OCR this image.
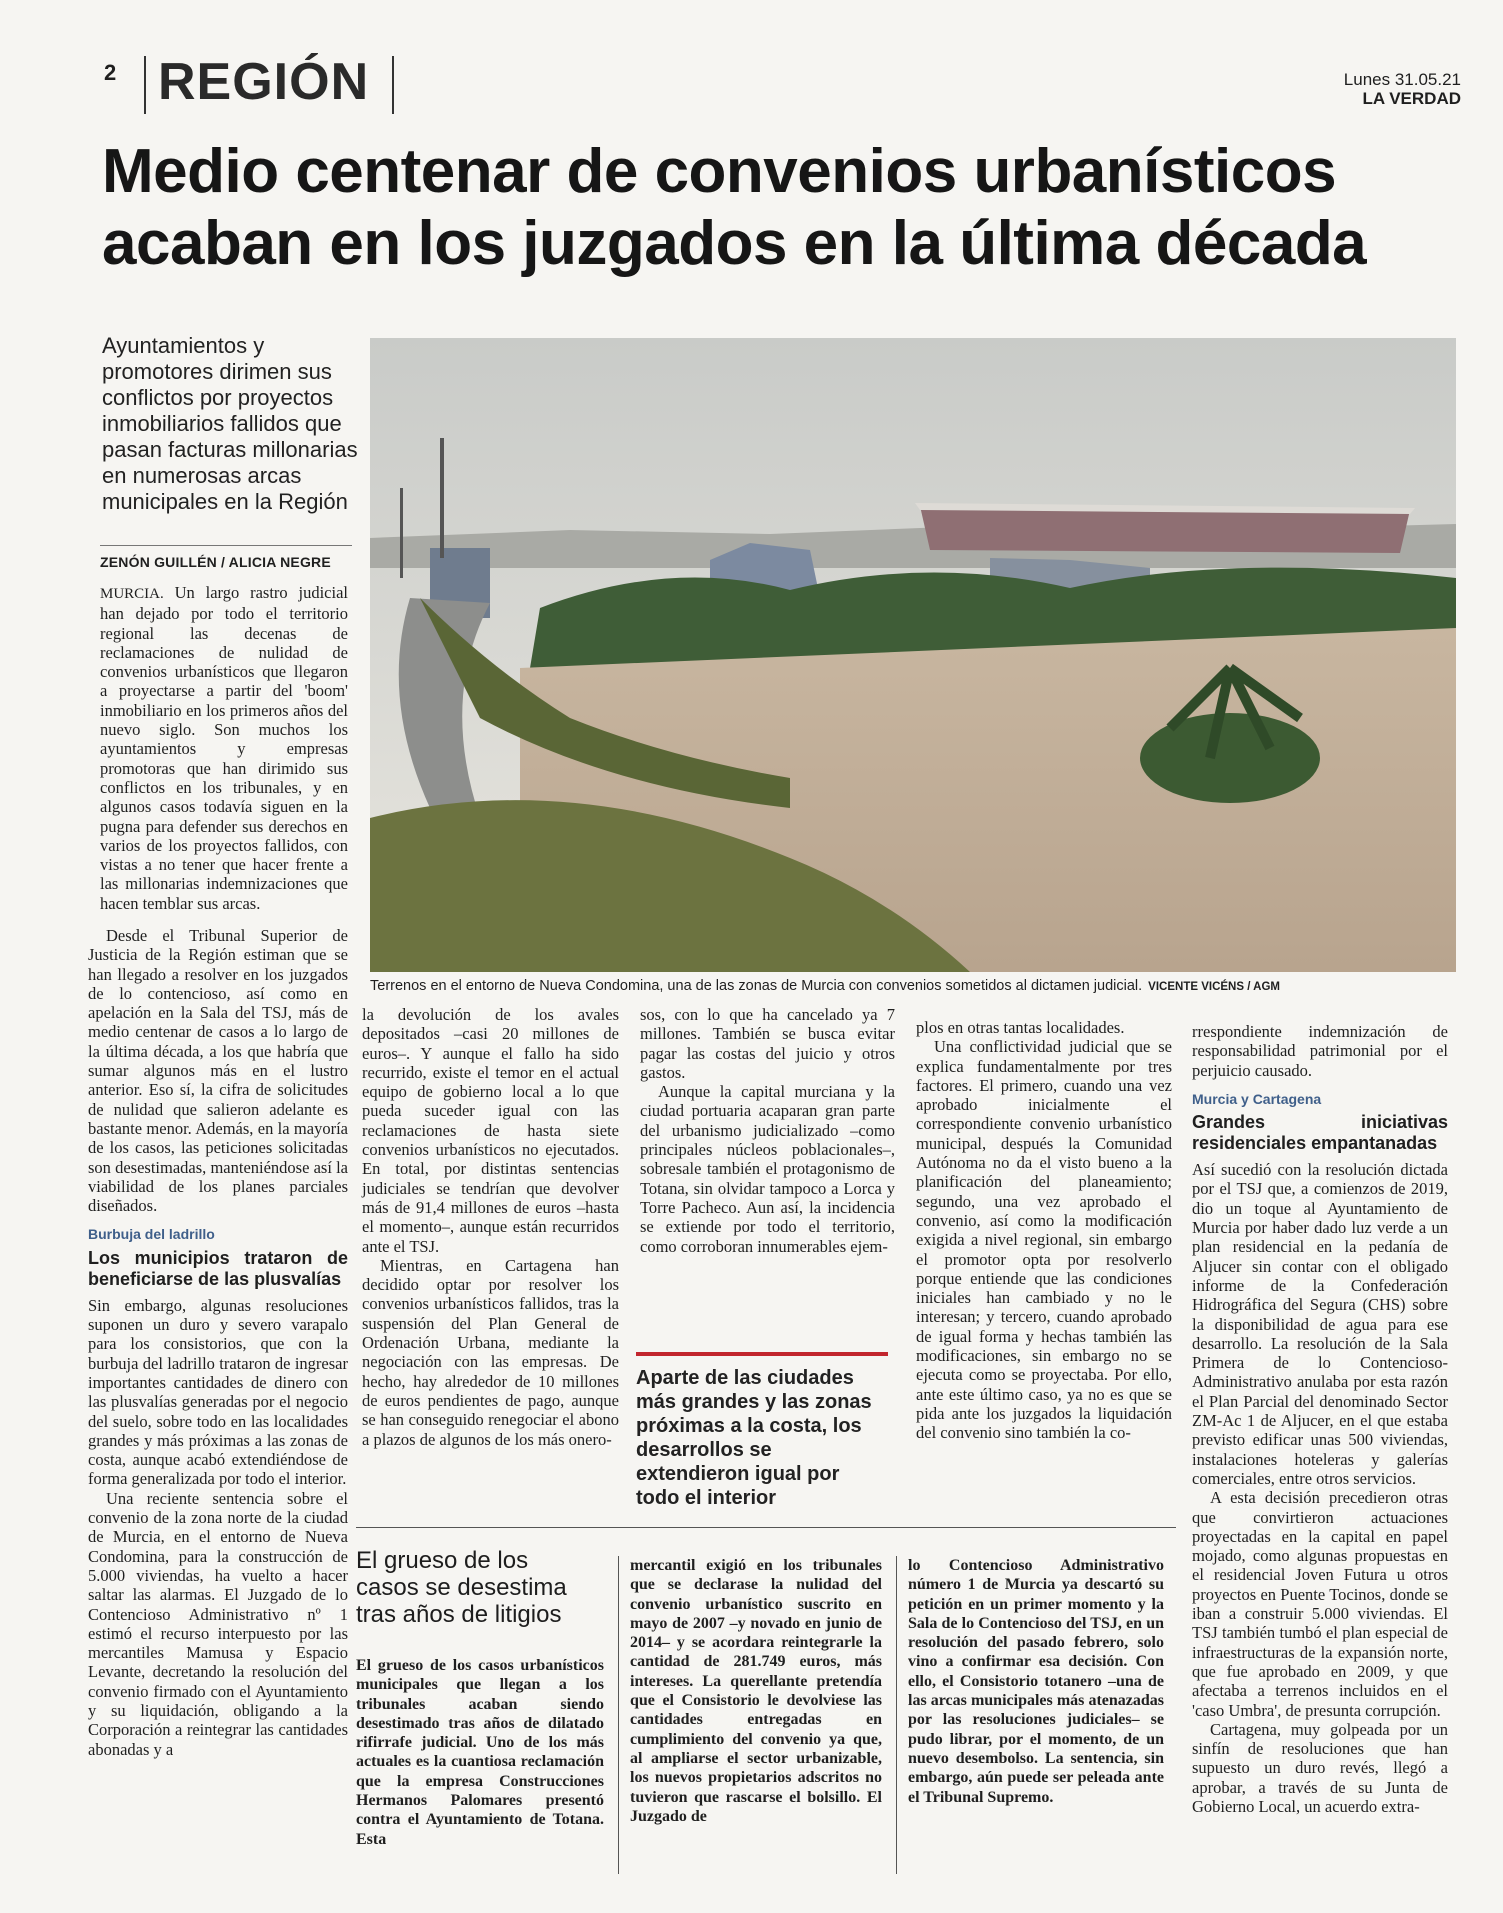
2 REGIÓN	Lunes 31.05.21
LA VERDAD
Medio centenar de convenios urbanísticos acaban en los juzgados en la última década
Ayuntamientos y promotores dirimen sus conflictos por proyectos inmobiliarios fallidos que pasan facturas millonarias en numerosas arcas municipales en la Región
ZENÓN GUILLÉN / ALICIA NEGRE
Terrenos en el entorno de Nueva Condomina, una de las zonas de Murcia con convenios sometidos al dictamen judicial. VICENTE VICÉNS / AGM

MURCIA. Un largo rastro judicial han dejado por todo el territorio regional las decenas de reclamaciones de nulidad de convenios urbanísticos que llegaron a proyectarse a partir del 'boom' inmobiliario en los primeros años del nuevo siglo. Son muchos los ayuntamientos y empresas promotoras que han dirimido sus conflictos en los tribunales, y en algunos casos todavía siguen en la pugna para defender sus derechos en varios de los proyectos fallidos, con vistas a no tener que hacer frente a las millonarias indemnizaciones que hacen temblar sus arcas.

Desde el Tribunal Superior de Justicia de la Región estiman que se han llegado a resolver en los juzgados de lo contencioso, así como en apelación en la Sala del TSJ, más de medio centenar de casos a lo largo de la última década, a los que habría que sumar algunos más en el lustro anterior. Eso sí, la cifra de solicitudes de nulidad que salieron adelante es bastante menor. Además, en la mayoría de los casos, las peticiones solicitadas son desestimadas, manteniéndose así la viabilidad de los planes parciales diseñados.

Burbuja del ladrillo
Los municipios trataron de beneficiarse de las plusvalías

Sin embargo, algunas resoluciones suponen un duro y severo varapalo para los consistorios, que con la burbuja del ladrillo trataron de ingresar importantes cantidades de dinero con las plusvalías generadas por el negocio del suelo, sobre todo en las localidades grandes y más próximas a las zonas de costa, aunque acabó extendiéndose de forma generalizada por todo el interior.

Una reciente sentencia sobre el convenio de la zona norte de la ciudad de Murcia, en el entorno de Nueva Condomina, para la construcción de 5.000 viviendas, ha vuelto a hacer saltar las alarmas. El Juzgado de lo Contencioso Administrativo nº 1 estimó el recurso interpuesto por las mercantiles Mamusa y Espacio Levante, decretando la resolución del convenio firmado con el Ayuntamiento y su liquidación, obligando a la Corporación a reintegrar las cantidades abonadas y a

la devolución de los avales depositados –casi 20 millones de euros–. Y aunque el fallo ha sido recurrido, existe el temor en el actual equipo de gobierno local a lo que pueda suceder igual con las reclamaciones de hasta siete convenios urbanísticos no ejecutados. En total, por distintas sentencias judiciales se tendrían que devolver más de 91,4 millones de euros –hasta el momento–, aunque están recurridos ante el TSJ.

Mientras, en Cartagena han decidido optar por resolver los convenios urbanísticos fallidos, tras la suspensión del Plan General de Ordenación Urbana, mediante la negociación con las empresas. De hecho, hay alrededor de 10 millones de euros pendientes de pago, aunque se han conseguido renegociar el abono a plazos de algunos de los más onero-

sos, con lo que ha cancelado ya 7 millones. También se busca evitar pagar las costas del juicio y otros gastos.

Aunque la capital murciana y la ciudad portuaria acaparan gran parte del urbanismo judicializado –como principales núcleos poblacionales–, sobresale también el protagonismo de Totana, sin olvidar tampoco a Lorca y Torre Pacheco. Aun así, la incidencia se extiende por todo el territorio, como corroboran innumerables ejem-

Aparte de las ciudades más grandes y las zonas próximas a la costa, los desarrollos se extendieron igual por todo el interior

plos en otras tantas localidades.

Una conflictividad judicial que se explica fundamentalmente por tres factores. El primero, cuando una vez aprobado inicialmente el correspondiente convenio urbanístico municipal, después la Comunidad Autónoma no da el visto bueno a la planificación del planeamiento; segundo, una vez aprobado el convenio, así como la modificación exigida a nivel regional, sin embargo el promotor opta por resolverlo porque entiende que las condiciones iniciales han cambiado y no le interesan; y tercero, cuando aprobado de igual forma y hechas también las modificaciones, sin embargo no se ejecuta como se proyectaba. Por ello, ante este último caso, ya no es que se pida ante los juzgados la liquidación del convenio sino también la co-

rrespondiente indemnización de responsabilidad patrimonial por el perjuicio causado.

Murcia y Cartagena
Grandes iniciativas residenciales empantanadas

Así sucedió con la resolución dictada por el TSJ que, a comienzos de 2019, dio un toque al Ayuntamiento de Murcia por haber dado luz verde a un plan residencial en la pedanía de Aljucer sin contar con el obligado informe de la Confederación Hidrográfica del Segura (CHS) sobre la disponibilidad de agua para ese desarrollo. La resolución de la Sala Primera de lo Contencioso-Administrativo anulaba por esta razón el Plan Parcial del denominado Sector ZM-Ac 1 de Aljucer, en el que estaba previsto edificar unas 500 viviendas, instalaciones hoteleras y galerías comerciales, entre otros servicios.

A esta decisión precedieron otras que convirtieron actuaciones proyectadas en la capital en papel mojado, como algunas propuestas en el residencial Joven Futura u otros proyectos en Puente Tocinos, donde se iban a construir 5.000 viviendas. El TSJ también tumbó el plan especial de infraestructuras de la expansión norte, que fue aprobado en 2009, y que afectaba a terrenos incluidos en el 'caso Umbra', de presunta corrupción.

Cartagena, muy golpeada por un sinfín de resoluciones que han supuesto un duro revés, llegó a aprobar, a través de su Junta de Gobierno Local, un acuerdo extra-

El grueso de los casos se desestima tras años de litigios

El grueso de los casos urbanísticos municipales que llegan a los tribunales acaban siendo desestimado tras años de dilatado rifirrafe judicial. Uno de los más actuales es la cuantiosa reclamación que la empresa Construcciones Hermanos Palomares presentó contra el Ayuntamiento de Totana. Esta

mercantil exigió en los tribunales que se declarase la nulidad del convenio urbanístico suscrito en mayo de 2007 –y novado en junio de 2014– y se acordara reintegrarle la cantidad de 281.749 euros, más intereses. La querellante pretendía que el Consistorio le devolviese las cantidades entregadas en cumplimiento del convenio ya que, al ampliarse el sector urbanizable, los nuevos propietarios adscritos no tuvieron que rascarse el bolsillo. El Juzgado de

lo Contencioso Administrativo número 1 de Murcia ya descartó su petición en un primer momento y la Sala de lo Contencioso del TSJ, en un resolución del pasado febrero, solo vino a confirmar esa decisión. Con ello, el Consistorio totanero –una de las arcas municipales más atenazadas por las resoluciones judiciales– se pudo librar, por el momento, de un nuevo desembolso. La sentencia, sin embargo, aún puede ser peleada ante el Tribunal Supremo.
